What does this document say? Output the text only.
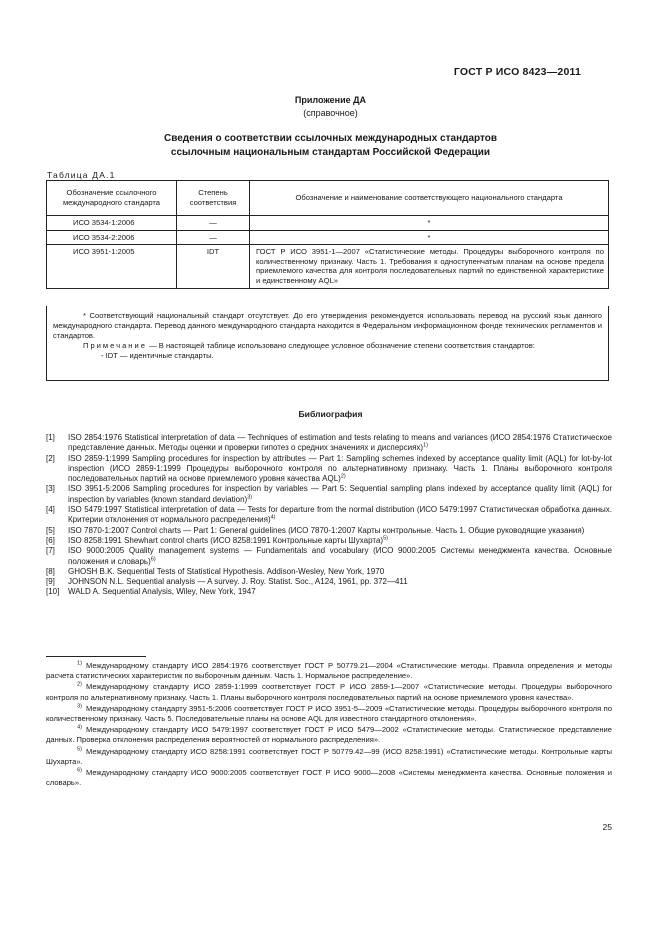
ГОСТ Р ИСО 8423—2011
Приложение ДА
(справочное)
Сведения о соответствии ссылочных международных стандартов
ссылочным национальным стандартам Российской Федерации
Таблица ДА.1
Обозначение ссылочного международного стандарта	Степень соответствия	Обозначение и наименование соответствующего национального стандарта
ИСО 3534-1:2006	—	*
ИСО 3534-2:2006	—	*
ИСО 3951-1:2005	IDT	ГОСТ Р ИСО 3951-1—2007 «Статистические методы. Процедуры выборочного контроля по количественному признаку. Часть 1. Требования к одноступенчатым планам на основе предела приемлемого качества для контроля последовательных партий по единственной характеристике и единственному AQL»

* Соответствующий национальный стандарт отсутствует. До его утверждения рекомендуется использовать перевод на русский язык данного международного стандарта. Перевод данного международного стандарта находится в Федеральном информационном фонде технических регламентов и стандартов.

Примечание — В настоящей таблице использовано следующее условное обозначение степени соответствия стандартов:

- IDT — идентичные стандарты.

Библиография
[1]	ISO 2854:1976 Statistical interpretation of data — Techniques of estimation and tests relating to means and variances (ИСО 2854:1976 Статистическое представление данных. Методы оценки и проверки гипотез о средних значениях и дисперсиях)$^{1)}$
[2]	ISO 2859-1:1999 Sampling procedures for inspection by attributes — Part 1: Sampling schemes indexed by acceptance quality limit (AQL) for lot-by-lot inspection (ИСО 2859-1:1999 Процедуры выборочного контроля по альтернативному признаку. Часть 1. Планы выборочного контроля последовательных партий на основе приемлемого уровня качества AQL)$^{2)}$
[3]	ISO 3951-5:2006 Sampling procedures for inspection by variables — Part 5: Sequential sampling plans indexed by acceptance quality limit (AQL) for inspection by variables (known standard deviation)$^{3)}$
[4]	ISO 5479:1997 Statistical interpretation of data — Tests for departure from the normal distribution (ИСО 5479:1997 Статистическая обработка данных. Критерии отклонения от нормального распределения)$^{4)}$
[5]	ISO 7870-1:2007 Control charts — Part 1: General guidelines (ИСО 7870-1:2007 Карты контрольные. Часть 1. Общие руководящие указания)
[6]	ISO 8258:1991 Shewhart control charts (ИСО 8258:1991 Контрольные карты Шухарта)$^{5)}$
[7]	ISO 9000:2005 Quality management systems — Fundamentals and vocabulary (ИСО 9000:2005 Системы менеджмента качества. Основные положения и словарь)$^{6)}$
[8]	GHOSH B.K. Sequential Tests of Statistical Hypothesis. Addison-Wesley, New York, 1970
[9]	JOHNSON N.L. Sequential analysis — A survey. J. Roy. Statist. Soc., A124, 1961, pp. 372—411
[10]	WALD A. Sequential Analysis, Wiley, New York, 1947

$^{1)}$ Международному стандарту ИСО 2854:1976 соответствует ГОСТ Р 50779.21—2004 «Статистические методы. Правила определения и методы расчета статистических характеристик по выборочным данным. Часть 1. Нормальное распределение».

$^{2)}$ Международному стандарту ИСО 2859-1:1999 соответствует ГОСТ Р ИСО 2859-1—2007 «Статистические методы. Процедуры выборочного контроля по альтернативному признаку. Часть 1. Планы выборочного контроля последовательных партий на основе приемлемого уровня качества».

$^{3)}$ Международному стандарту 3951-5:2006 соответствует ГОСТ Р ИСО 3951-5—2009 «Статистические методы. Процедуры выборочного контроля по количественному признаку. Часть 5. Последовательные планы на основе AQL для известного стандартного отклонения».

$^{4)}$ Международному стандарту ИСО 5479:1997 соответствует ГОСТ Р ИСО 5479—2002 «Статистические методы. Статистическое представление данных. Проверка отклонения распределения вероятностей от нормального распределения».

$^{5)}$ Международному стандарту ИСО 8258:1991 соответствует ГОСТ Р 50779.42—99 (ИСО 8258:1991) «Статистические методы. Контрольные карты Шухарта».

$^{6)}$ Международному стандарту ИСО 9000:2005 соответствует ГОСТ Р ИСО 9000—2008 «Системы менеджмента качества. Основные положения и словарь».

25
